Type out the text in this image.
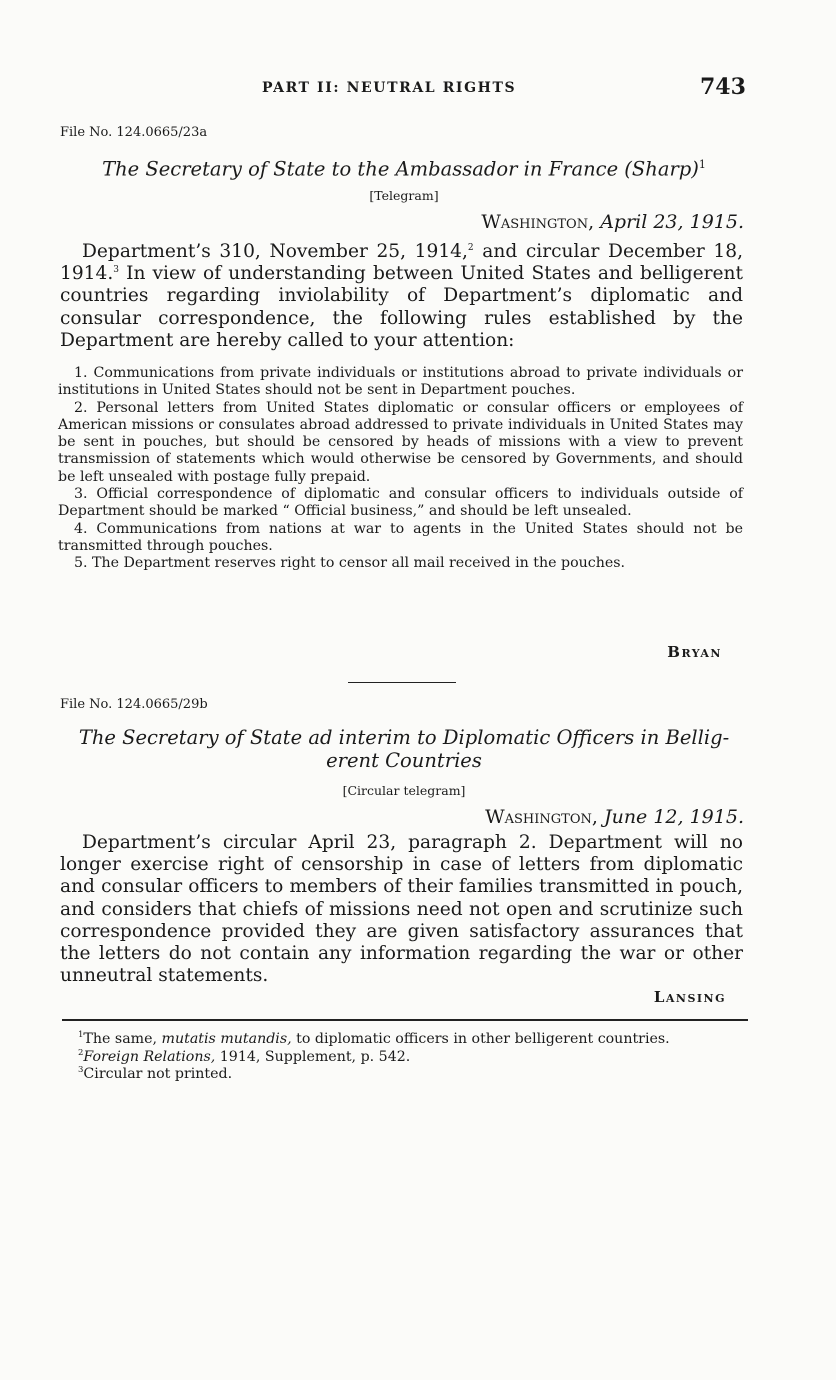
PART II: NEUTRAL RIGHTS	743
File No. 124.0665/23a
The Secretary of State to the Ambassador in France (Sharp)$^1$
[Telegram]
Washington, April 23, 1915.
Department’s 310, November 25, 1914,$^2$ and circular December 18, 1914.$^3$ In view of understanding between United States and belligerent countries regarding inviolability of Department’s diplomatic and consular correspondence, the following rules established by the Department are hereby called to your attention:

1. Communications from private individuals or institutions abroad to private individuals or institutions in United States should not be sent in Department pouches.

2. Personal letters from United States diplomatic or consular officers or employees of American missions or consulates abroad addressed to private individuals in United States may be sent in pouches, but should be censored by heads of missions with a view to prevent transmission of statements which would otherwise be censored by Governments, and should be left unsealed with postage fully prepaid.

3. Official correspondence of diplomatic and consular officers to individuals outside of Department should be marked “ Official business,” and should be left unsealed.

4. Communications from nations at war to agents in the United States should not be transmitted through pouches.

5. The Department reserves right to censor all mail received in the pouches.

Bryan
File No. 124.0665/29b
The Secretary of State ad interim to Diplomatic Officers in Bellig-
erent Countries
[Circular telegram]
Washington, June 12, 1915.
Department’s circular April 23, paragraph 2. Department will no longer exercise right of censorship in case of letters from diplomatic and consular officers to members of their families transmitted in pouch, and considers that chiefs of missions need not open and scrutinize such correspondence provided they are given satisfactory assurances that the letters do not contain any information regarding the war or other unneutral statements.
Lansing

$^1$The same, mutatis mutandis, to diplomatic officers in other belligerent countries.

$^2$Foreign Relations, 1914, Supplement, p. 542.

$^3$Circular not printed.
